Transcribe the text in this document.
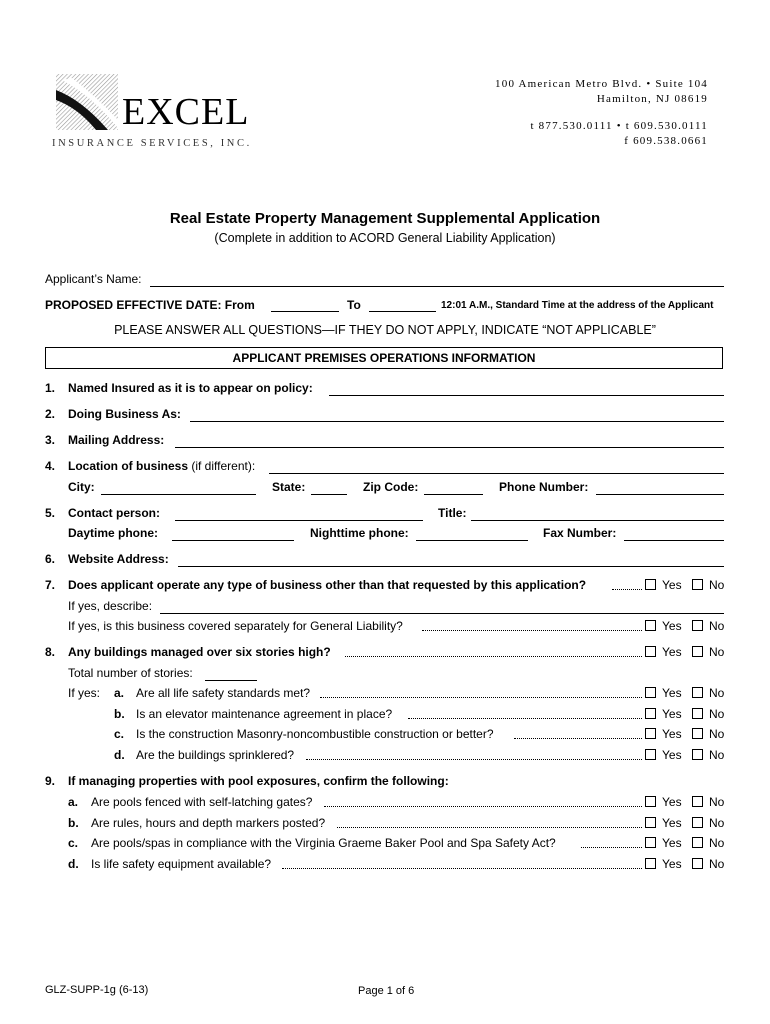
EXCEL
INSURANCE SERVICES, INC.
100 American Metro Blvd. • Suite 104
Hamilton, NJ 08619
t 877.530.0111 • t 609.530.0111
f 609.538.0661
Real Estate Property Management Supplemental Application
(Complete in addition to ACORD General Liability Application)
Applicant’s Name:
PROPOSED EFFECTIVE DATE: From	To	12:01 A.M., Standard Time at the address of the Applicant
PLEASE ANSWER ALL QUESTIONS—IF THEY DO NOT APPLY, INDICATE “NOT APPLICABLE”
APPLICANT PREMISES OPERATIONS INFORMATION
1. Named Insured as it is to appear on policy:
2. Doing Business As:
3. Mailing Address:
4. Location of business (if different):
City:	State:	Zip Code:	Phone Number:
5. Contact person:	Title:
Daytime phone:	Nighttime phone:	Fax Number:
6. Website Address:
7. Does applicant operate any type of business other than that requested by this application?	Yes No
If yes, describe:
If yes, is this business covered separately for General Liability?	Yes No
8. Any buildings managed over six stories high?	Yes No
Total number of stories:
If yes: a. Are all life safety standards met?	Yes No
b. Is an elevator maintenance agreement in place?	Yes No
c. Is the construction Masonry-noncombustible construction or better?	Yes No
d. Are the buildings sprinklered?	Yes No
9. If managing properties with pool exposures, confirm the following:
a. Are pools fenced with self-latching gates?	Yes No
b. Are rules, hours and depth markers posted?	Yes No
c. Are pools/spas in compliance with the Virginia Graeme Baker Pool and Spa Safety Act?	Yes No
d. Is life safety equipment available?	Yes No
GLZ-SUPP-1g (6-13)	Page 1 of 6
